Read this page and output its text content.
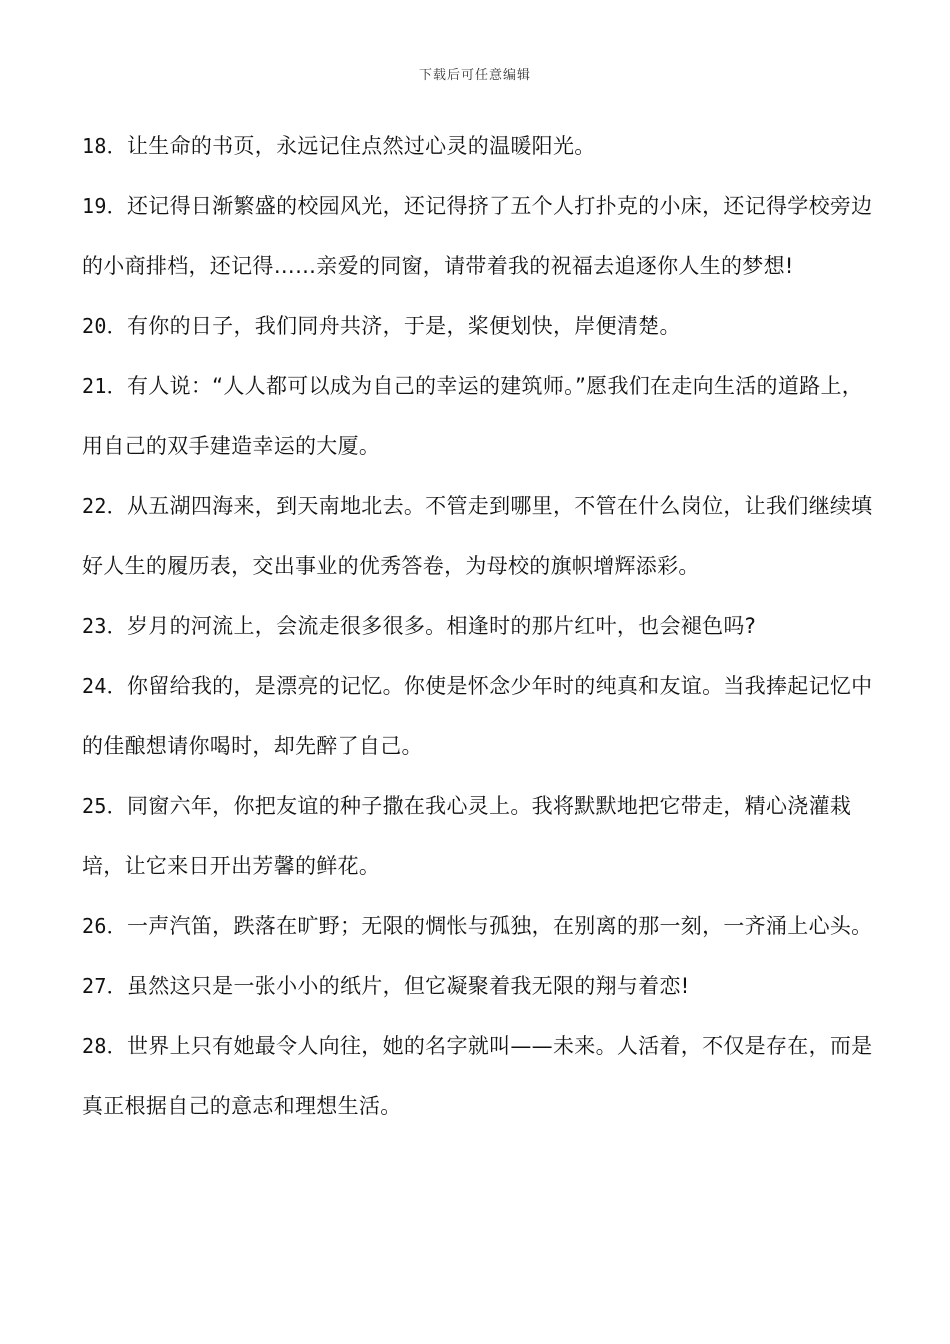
下载后可任意编辑

18．让生命的书页，永远记住点然过心灵的温暖阳光。

19．还记得日渐繁盛的校园风光，还记得挤了五个人打扑克的小床，还记得学校旁边的小商排档，还记得……亲爱的同窗，请带着我的祝福去追逐你人生的梦想!

20．有你的日子，我们同舟共济，于是，桨便划快，岸便清楚。

21．有人说：“人人都可以成为自己的幸运的建筑师。”愿我们在走向生活的道路上，用自己的双手建造幸运的大厦。

22．从五湖四海来，到天南地北去。不管走到哪里，不管在什么岗位，让我们继续填好人生的履历表，交出事业的优秀答卷，为母校的旗帜增辉添彩。

23．岁月的河流上，会流走很多很多。相逢时的那片红叶，也会褪色吗?

24．你留给我的，是漂亮的记忆。你使是怀念少年时的纯真和友谊。当我捧起记忆中的佳酿想请你喝时，却先醉了自己。

25．同窗六年，你把友谊的种子撒在我心灵上。我将默默地把它带走，精心浇灌栽培，让它来日开出芳馨的鲜花。

26．一声汽笛，跌落在旷野；无限的惆怅与孤独，在别离的那一刻，一齐涌上心头。

27．虽然这只是一张小小的纸片，但它凝聚着我无限的翔与着恋!

28．世界上只有她最令人向往，她的名字就叫——未来。人活着，不仅是存在，而是真正根据自己的意志和理想生活。
